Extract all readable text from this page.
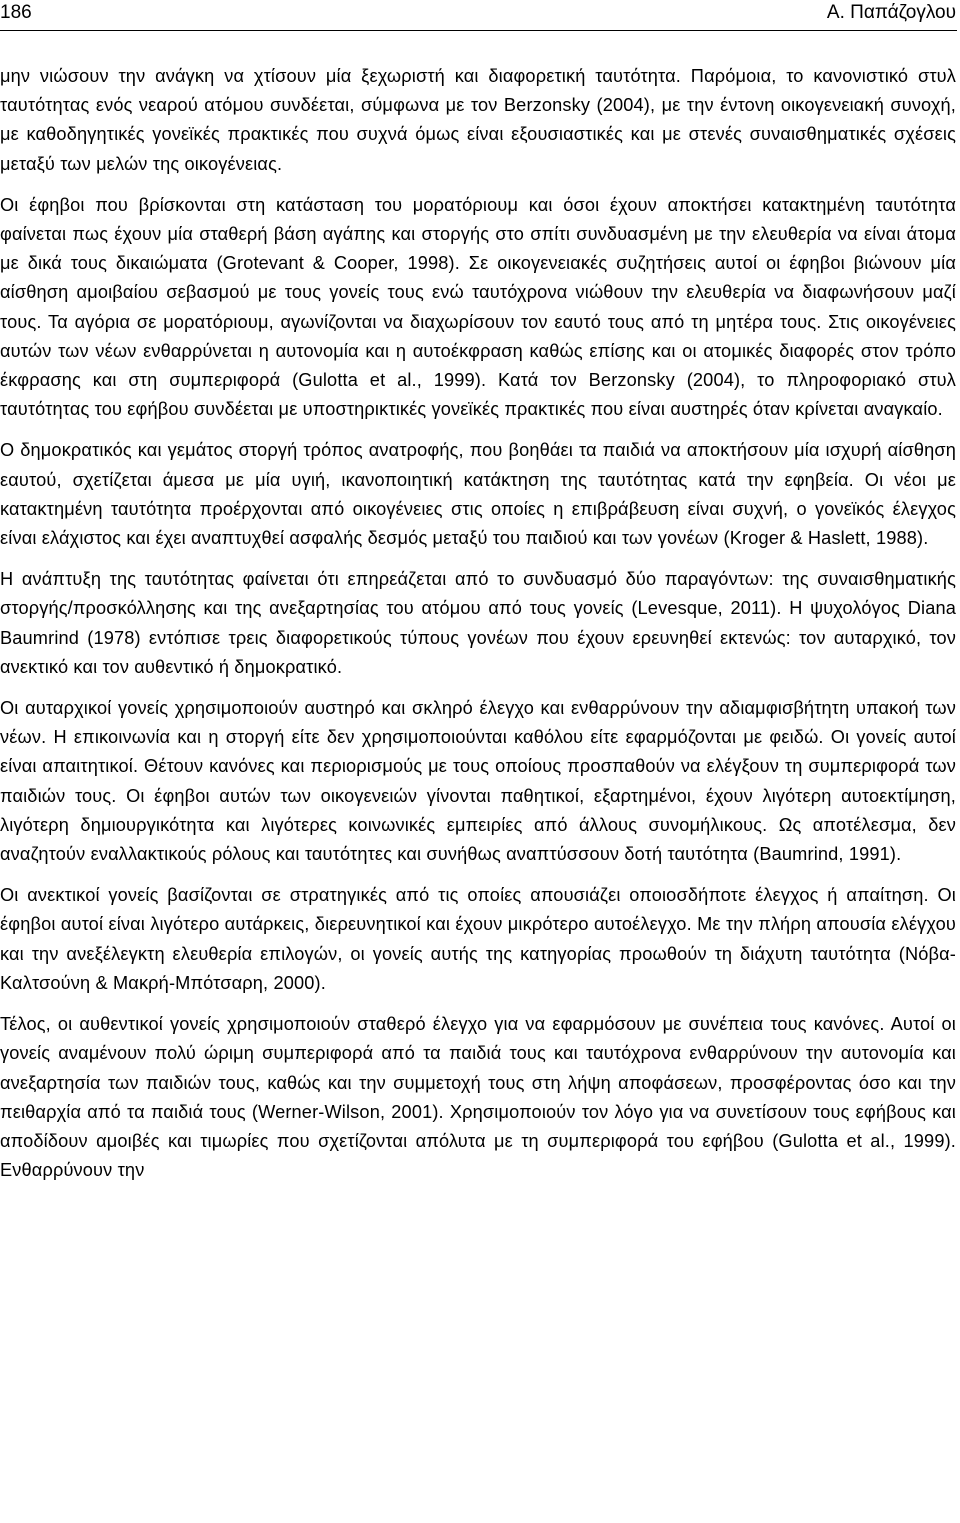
186	Α. Παπάζογλου

μην νιώσουν την ανάγκη να χτίσουν μία ξεχωριστή και διαφορετική ταυτότητα. Παρόμοια, το κανονιστικό στυλ ταυτότητας ενός νεαρού ατόμου συνδέεται, σύμφωνα με τον Berzonsky (2004), με την έντονη οικογενειακή συνοχή, με καθοδηγητικές γονεϊκές πρακτικές που συχνά όμως είναι εξουσιαστικές και με στενές συναισθηματικές σχέσεις μεταξύ των μελών της οικογένειας.

Οι έφηβοι που βρίσκονται στη κατάσταση του μορατόριουμ και όσοι έχουν αποκτήσει κατακτημένη ταυτότητα φαίνεται πως έχουν μία σταθερή βάση αγάπης και στοργής στο σπίτι συνδυασμένη με την ελευθερία να είναι άτομα με δικά τους δικαιώματα (Grotevant & Cooper, 1998). Σε οικογενειακές συζητήσεις αυτοί οι έφηβοι βιώνουν μία αίσθηση αμοιβαίου σεβασμού με τους γονείς τους ενώ ταυτόχρονα νιώθουν την ελευθερία να διαφωνήσουν μαζί τους. Τα αγόρια σε μορατόριουμ, αγωνίζονται να διαχωρίσουν τον εαυτό τους από τη μητέρα τους. Στις οικογένειες αυτών των νέων ενθαρρύνεται η αυτονομία και η αυτοέκφραση καθώς επίσης και οι ατομικές διαφορές στον τρόπο έκφρασης και στη συμπεριφορά (Gulotta et al., 1999). Κατά τον Berzonsky (2004), το πληροφοριακό στυλ ταυτότητας του εφήβου συνδέεται με υποστηρικτικές γονεϊκές πρακτικές που είναι αυστηρές όταν κρίνεται αναγκαίο.

Ο δημοκρατικός και γεμάτος στοργή τρόπος ανατροφής, που βοηθάει τα παιδιά να αποκτήσουν μία ισχυρή αίσθηση εαυτού, σχετίζεται άμεσα με μία υγιή, ικανοποιητική κατάκτηση της ταυτότητας κατά την εφηβεία. Οι νέοι με κατακτημένη ταυτότητα προέρχονται από οικογένειες στις οποίες η επιβράβευση είναι συχνή, ο γονεϊκός έλεγχος είναι ελάχιστος και έχει αναπτυχθεί ασφαλής δεσμός μεταξύ του παιδιού και των γονέων (Kroger & Haslett, 1988).

Η ανάπτυξη της ταυτότητας φαίνεται ότι επηρεάζεται από το συνδυασμό δύο παραγόντων: της συναισθηματικής στοργής/προσκόλλησης και της ανεξαρτησίας του ατόμου από τους γονείς (Levesque, 2011). Η ψυχολόγος Diana Baumrind (1978) εντόπισε τρεις διαφορετικούς τύπους γονέων που έχουν ερευνηθεί εκτενώς: τον αυταρχικό, τον ανεκτικό και τον αυθεντικό ή δημοκρατικό.

Οι αυταρχικοί γονείς χρησιμοποιούν αυστηρό και σκληρό έλεγχο και ενθαρρύνουν την αδιαμφισβήτητη υπακοή των νέων. Η επικοινωνία και η στοργή είτε δεν χρησιμοποιούνται καθόλου είτε εφαρμόζονται με φειδώ. Οι γονείς αυτοί είναι απαιτητικοί. Θέτουν κανόνες και περιορισμούς με τους οποίους προσπαθούν να ελέγξουν τη συμπεριφορά των παιδιών τους. Οι έφηβοι αυτών των οικογενειών γίνονται παθητικοί, εξαρτημένοι, έχουν λιγότερη αυτοεκτίμηση, λιγότερη δημιουργικότητα και λιγότερες κοινωνικές εμπειρίες από άλλους συνομήλικους. Ως αποτέλεσμα, δεν αναζητούν εναλλακτικούς ρόλους και ταυτότητες και συνήθως αναπτύσσουν δοτή ταυτότητα (Baumrind, 1991).

Οι ανεκτικοί γονείς βασίζονται σε στρατηγικές από τις οποίες απουσιάζει οποιοσδήποτε έλεγχος ή απαίτηση. Οι έφηβοι αυτοί είναι λιγότερο αυτάρκεις, διερευνητικοί και έχουν μικρότερο αυτοέλεγχο. Με την πλήρη απουσία ελέγχου και την ανεξέλεγκτη ελευθερία επιλογών, οι γονείς αυτής της κατηγορίας προωθούν τη διάχυτη ταυτότητα (Νόβα-Καλτσούνη & Μακρή-Μπότσαρη, 2000).

Τέλος, οι αυθεντικοί γονείς χρησιμοποιούν σταθερό έλεγχο για να εφαρμόσουν με συνέπεια τους κανόνες. Αυτοί οι γονείς αναμένουν πολύ ώριμη συμπεριφορά από τα παιδιά τους και ταυτόχρονα ενθαρρύνουν την αυτονομία και ανεξαρτησία των παιδιών τους, καθώς και την συμμετοχή τους στη λήψη αποφάσεων, προσφέροντας όσο και την πειθαρχία από τα παιδιά τους (Werner-Wilson, 2001). Χρησιμοποιούν τον λόγο για να συνετίσουν τους εφήβους και αποδίδουν αμοιβές και τιμωρίες που σχετίζονται απόλυτα με τη συμπεριφορά του εφήβου (Gulotta et al., 1999). Ενθαρρύνουν την
